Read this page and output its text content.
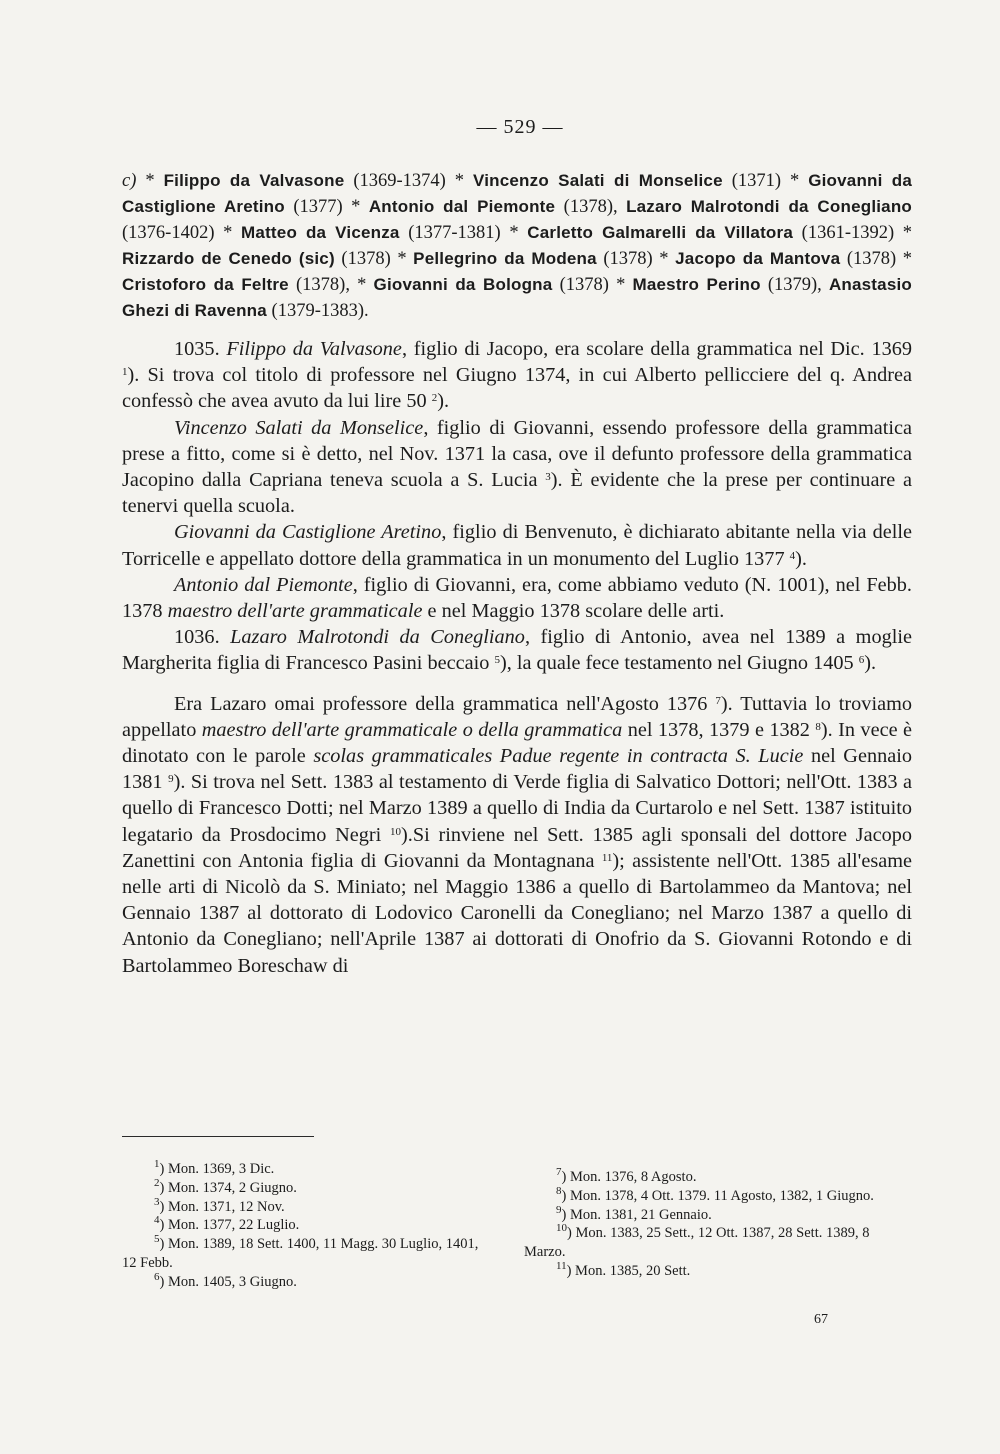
— 529 —
c) * Filippo da Valvasone (1369-1374) * Vincenzo Salati di Monselice (1371) * Giovanni da Castiglione Aretino (1377) * Antonio dal Piemonte (1378), Lazaro Malrotondi da Conegliano (1376-1402) * Matteo da Vicenza (1377-1381) * Carletto Galmarelli da Villatora (1361-1392) * Rizzardo de Cenedo (sic) (1378) * Pellegrino da Modena (1378) * Jacopo da Mantova (1378) * Cristoforo da Feltre (1378), * Giovanni da Bologna (1378) * Maestro Perino (1379), Anastasio Ghezi di Ravenna (1379-1383).

1035. Filippo da Valvasone, figlio di Jacopo, era scolare della grammatica nel Dic. 1369 $^1$). Si trova col titolo di professore nel Giugno 1374, in cui Alberto pellicciere del q. Andrea confessò che avea avuto da lui lire 50 $^2$).

Vincenzo Salati da Monselice, figlio di Giovanni, essendo professore della grammatica prese a fitto, come si è detto, nel Nov. 1371 la casa, ove il defunto professore della grammatica Jacopino dalla Capriana teneva scuola a S. Lucia $^3$). È evidente che la prese per continuare a tenervi quella scuola.

Giovanni da Castiglione Aretino, figlio di Benvenuto, è dichiarato abitante nella via delle Torricelle e appellato dottore della grammatica in un monumento del Luglio 1377 $^4$).

Antonio dal Piemonte, figlio di Giovanni, era, come abbiamo veduto (N. 1001), nel Febb. 1378 maestro dell'arte grammaticale e nel Maggio 1378 scolare delle arti.

1036. Lazaro Malrotondi da Conegliano, figlio di Antonio, avea nel 1389 a moglie Margherita figlia di Francesco Pasini beccaio $^5$), la quale fece testamento nel Giugno 1405 $^6$).

Era Lazaro omai professore della grammatica nell'Agosto 1376 $^7$). Tuttavia lo troviamo appellato maestro dell'arte grammaticale o della grammatica nel 1378, 1379 e 1382 $^8$). In vece è dinotato con le parole scolas grammaticales Padue regente in contracta S. Lucie nel Gennaio 1381 $^9$). Si trova nel Sett. 1383 al testamento di Verde figlia di Salvatico Dottori; nell'Ott. 1383 a quello di Francesco Dotti; nel Marzo 1389 a quello di India da Curtarolo e nel Sett. 1387 istituito legatario da Prosdocimo Negri $^{10}$).Si rinviene nel Sett. 1385 agli sponsali del dottore Jacopo Zanettini con Antonia figlia di Giovanni da Montagnana $^{11}$); assistente nell'Ott. 1385 all'esame nelle arti di Nicolò da S. Miniato; nel Maggio 1386 a quello di Bartolammeo da Mantova; nel Gennaio 1387 al dottorato di Lodovico Caronelli da Conegliano; nel Marzo 1387 a quello di Antonio da Conegliano; nell'Aprile 1387 ai dottorati di Onofrio da S. Giovanni Rotondo e di Bartolammeo Boreschaw di

$^1$) Mon. 1369, 3 Dic.
$^2$) Mon. 1374, 2 Giugno.
$^3$) Mon. 1371, 12 Nov.
$^4$) Mon. 1377, 22 Luglio.
$^5$) Mon. 1389, 18 Sett. 1400, 11 Magg. 30 Luglio, 1401, 12 Febb.
$^6$) Mon. 1405, 3 Giugno.
$^7$) Mon. 1376, 8 Agosto.
$^8$) Mon. 1378, 4 Ott. 1379. 11 Agosto, 1382, 1 Giugno.
$^9$) Mon. 1381, 21 Gennaio.
$^{10}$) Mon. 1383, 25 Sett., 12 Ott. 1387, 28 Sett. 1389, 8 Marzo.
$^{11}$) Mon. 1385, 20 Sett.
67
